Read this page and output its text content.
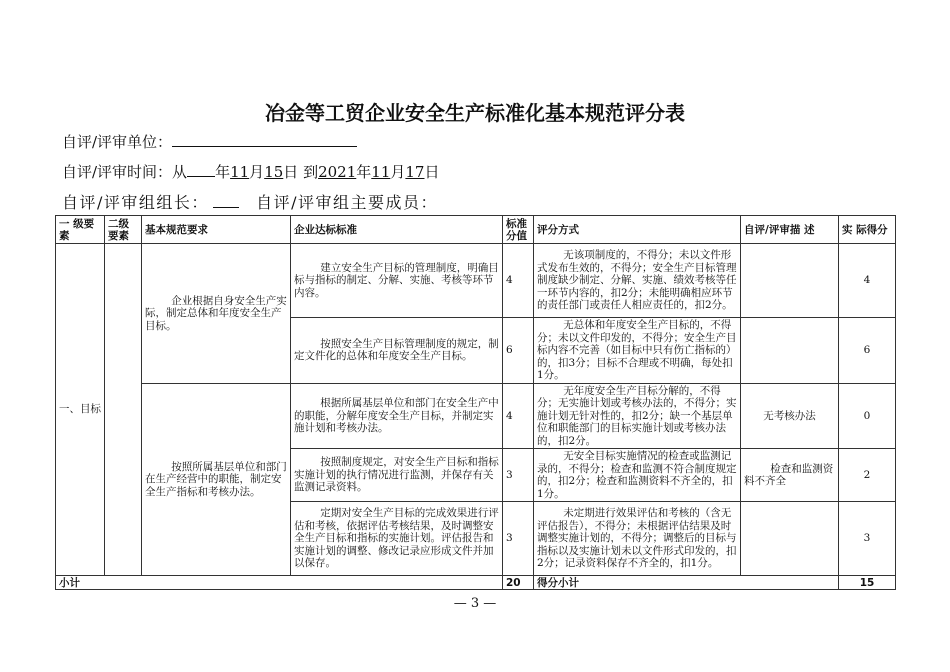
冶金等工贸企业安全生产标准化基本规范评分表
自评/评审单位：
自评/评审时间：从 年11月15日 到2021年11月17日
自评/评审组组长：	自评/评审组主要成员：
一 级要素	二级要素	基本规范要求	企业达标标准	标准分值	评分方式	自评/评审描 述	实 际得分
一、目标		企业根据自身安全生产实际，制定总体和年度安全生产目标。	建立安全生产目标的管理制度，明确目标与指标的制定、分解、实施、考核等环节内容。	4	无该项制度的，不得分；未以文件形式发布生效的，不得分；安全生产目标管理制度缺少制定、分解、实施、绩效考核等任一环节内容的，扣2分；未能明确相应环节的责任部门或责任人相应责任的，扣2分。		4
			按照安全生产目标管理制度的规定，制定文件化的总体和年度安全生产目标。	6	无总体和年度安全生产目标的，不得分；未以文件印发的，不得分；安全生产目标内容不完善（如目标中只有伤亡指标的）的，扣3分；目标不合理或不明确，每处扣1分。		6
		按照所属基层单位和部门在生产经营中的职能，制定安全生产指标和考核办法。	根据所属基层单位和部门在安全生产中的职能，分解年度安全生产目标，并制定实施计划和考核办法。	4	无年度安全生产目标分解的，不得分；无实施计划或考核办法的，不得分；实施计划无针对性的，扣2分；缺一个基层单位和职能部门的目标实施计划或考核办法的，扣2分。	无考核办法	0
			按照制度规定，对安全生产目标和指标实施计划的执行情况进行监测，并保存有关监测记录资料。	3	无安全目标实施情况的检查或监测记录的，不得分；检查和监测不符合制度规定的，扣2分；检查和监测资料不齐全的，扣1分。	检查和监测资料不齐全	2
			定期对安全生产目标的完成效果进行评估和考核，依据评估考核结果，及时调整安全生产目标和指标的实施计划。评估报告和实施计划的调整、修改记录应形成文件并加以保存。	3	未定期进行效果评估和考核的（含无评估报告），不得分；未根据评估结果及时调整实施计划的，不得分；调整后的目标与指标以及实施计划未以文件形式印发的，扣2分；记录资料保存不齐全的，扣1分。		3
小计				20	得分小计		15
— 3 —
